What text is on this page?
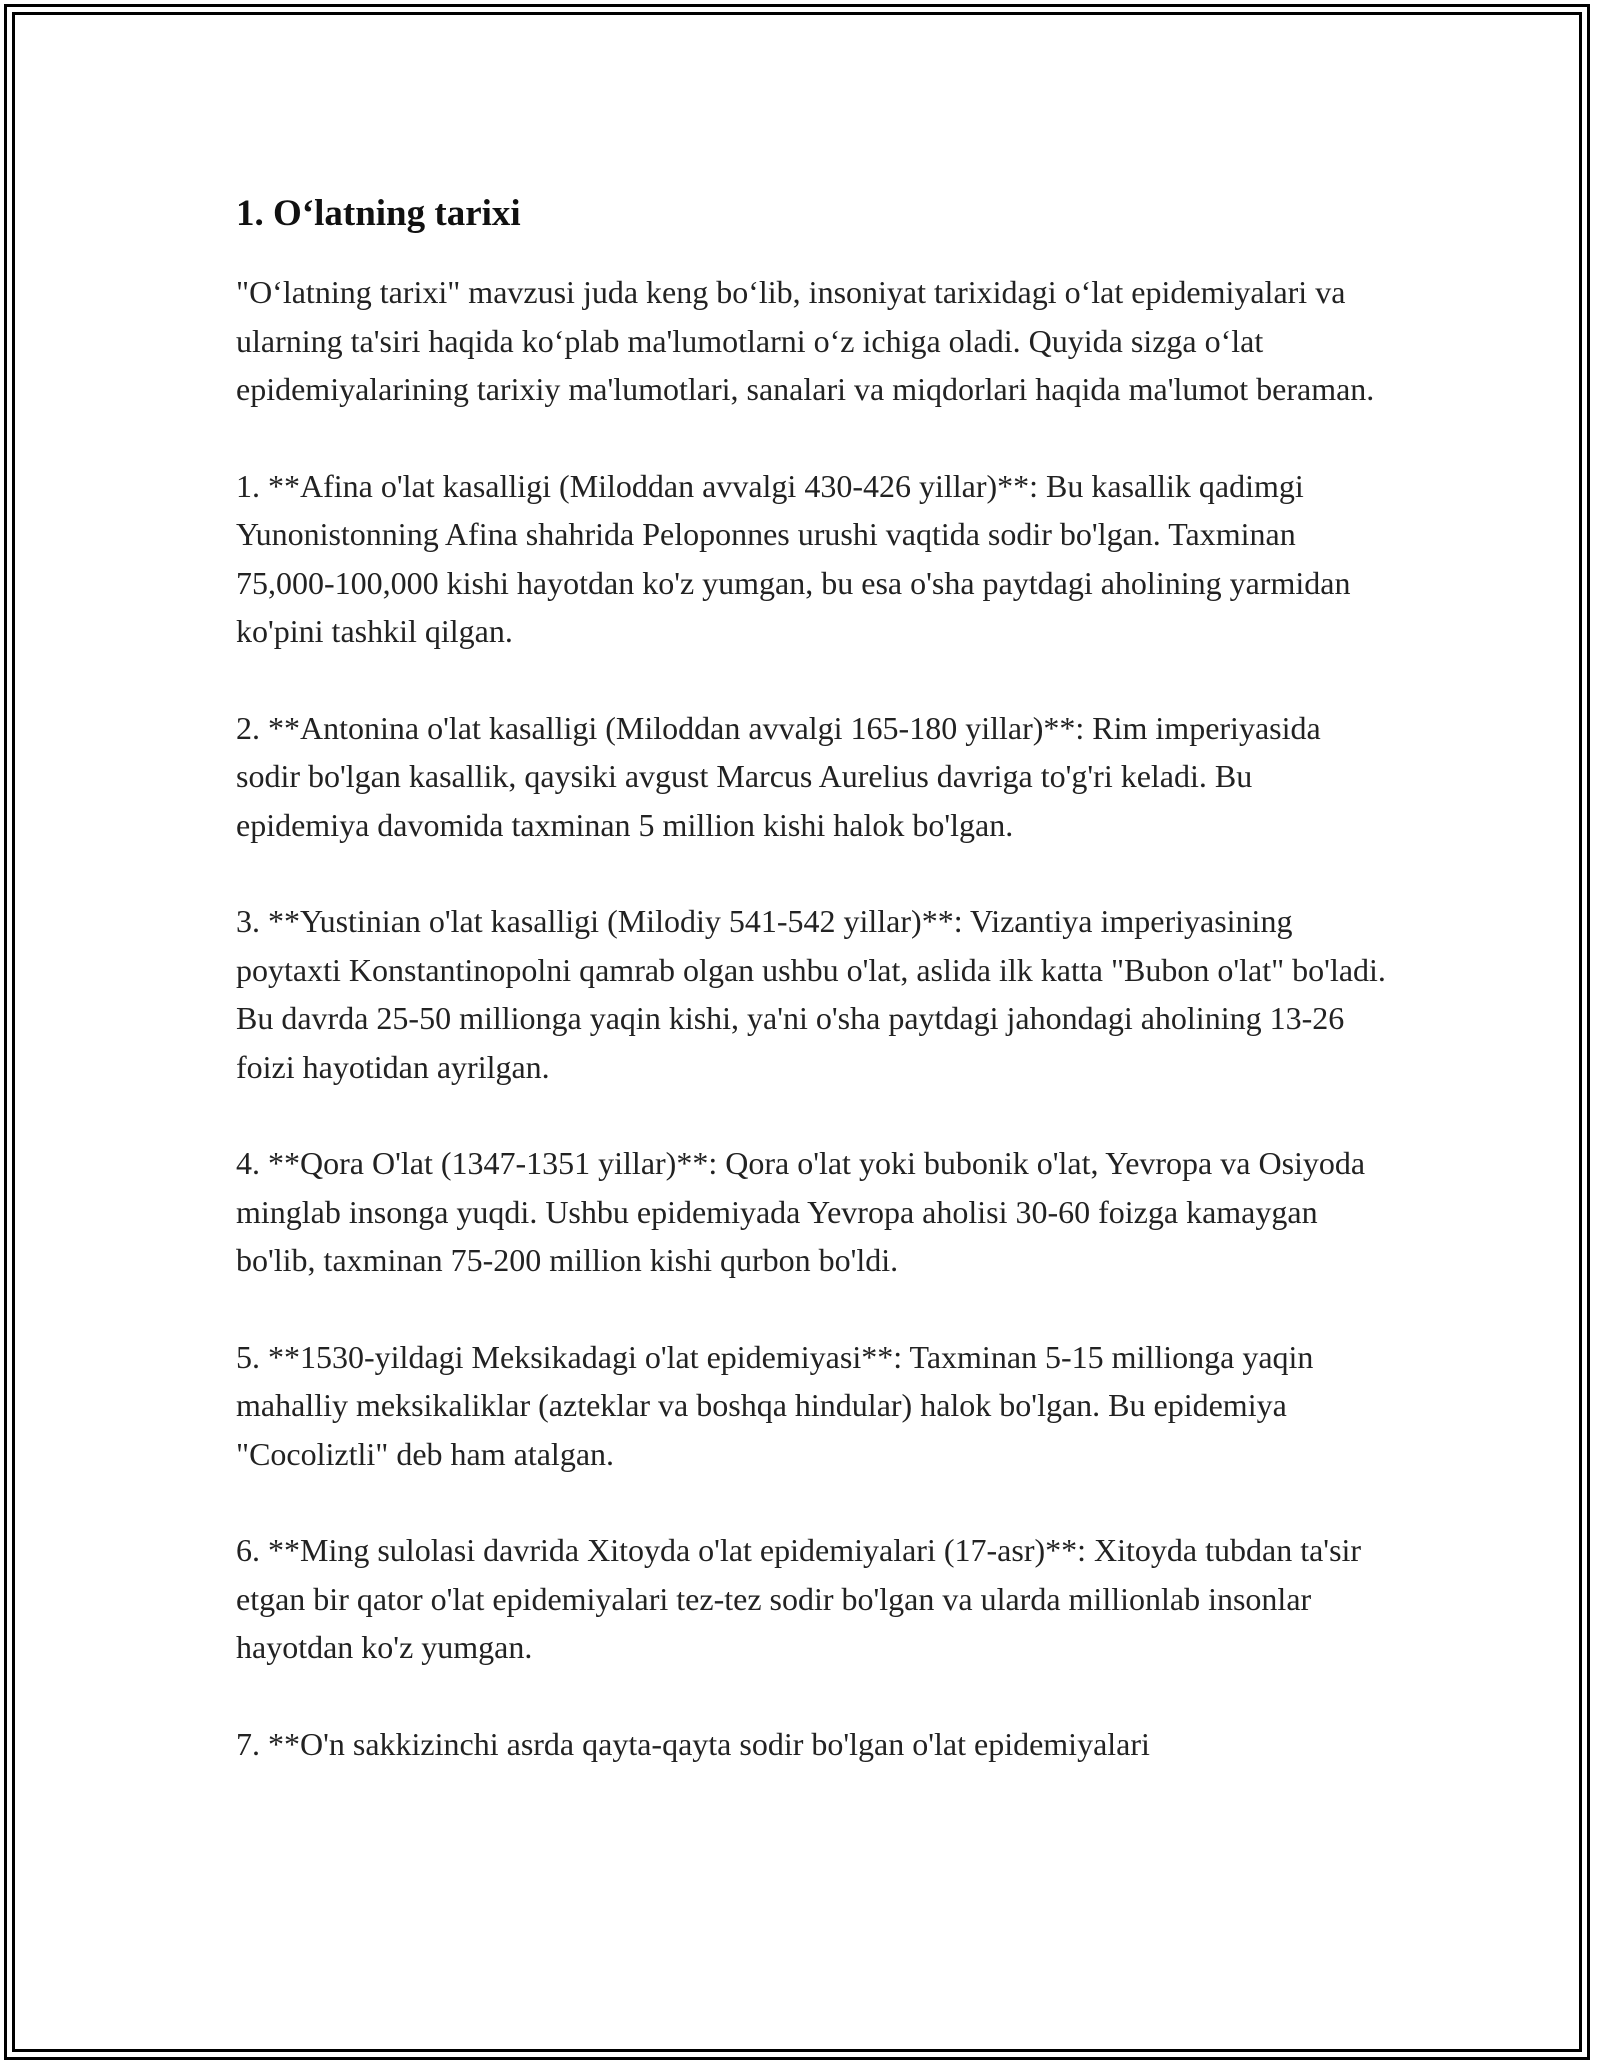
1. Oʻlatning tarixi

"Oʻlatning tarixi" mavzusi juda keng boʻlib, insoniyat tarixidagi oʻlat epidemiyalari va ularning ta'siri haqida koʻplab ma'lumotlarni oʻz ichiga oladi. Quyida sizga oʻlat epidemiyalarining tarixiy ma'lumotlari, sanalari va miqdorlari haqida ma'lumot beraman.

1. **Afina o'lat kasalligi (Miloddan avvalgi 430-426 yillar)**: Bu kasallik qadimgi Yunonistonning Afina shahrida Peloponnes urushi vaqtida sodir bo'lgan. Taxminan 75,000-100,000 kishi hayotdan ko'z yumgan, bu esa o'sha paytdagi aholining yarmidan ko'pini tashkil qilgan.

2. **Antonina o'lat kasalligi (Miloddan avvalgi 165-180 yillar)**: Rim imperiyasida sodir bo'lgan kasallik, qaysiki avgust Marcus Aurelius davriga to'g'ri keladi. Bu epidemiya davomida taxminan 5 million kishi halok bo'lgan.

3. **Yustinian o'lat kasalligi (Milodiy 541-542 yillar)**: Vizantiya imperiyasining poytaxti Konstantinopolni qamrab olgan ushbu o'lat, aslida ilk katta "Bubon o'lat" bo'ladi. Bu davrda 25-50 millionga yaqin kishi, ya'ni o'sha paytdagi jahondagi aholining 13-26 foizi hayotidan ayrilgan.

4. **Qora O'lat (1347-1351 yillar)**: Qora o'lat yoki bubonik o'lat, Yevropa va Osiyoda minglab insonga yuqdi. Ushbu epidemiyada Yevropa aholisi 30-60 foizga kamaygan bo'lib, taxminan 75-200 million kishi qurbon bo'ldi.

5. **1530-yildagi Meksikadagi o'lat epidemiyasi**: Taxminan 5-15 millionga yaqin mahalliy meksikaliklar (azteklar va boshqa hindular) halok bo'lgan. Bu epidemiya "Cocoliztli" deb ham atalgan.

6. **Ming sulolasi davrida Xitoyda o'lat epidemiyalari (17-asr)**: Xitoyda tubdan ta'sir etgan bir qator o'lat epidemiyalari tez-tez sodir bo'lgan va ularda millionlab insonlar hayotdan ko'z yumgan.

7. **O'n sakkizinchi asrda qayta-qayta sodir bo'lgan o'lat epidemiyalari
